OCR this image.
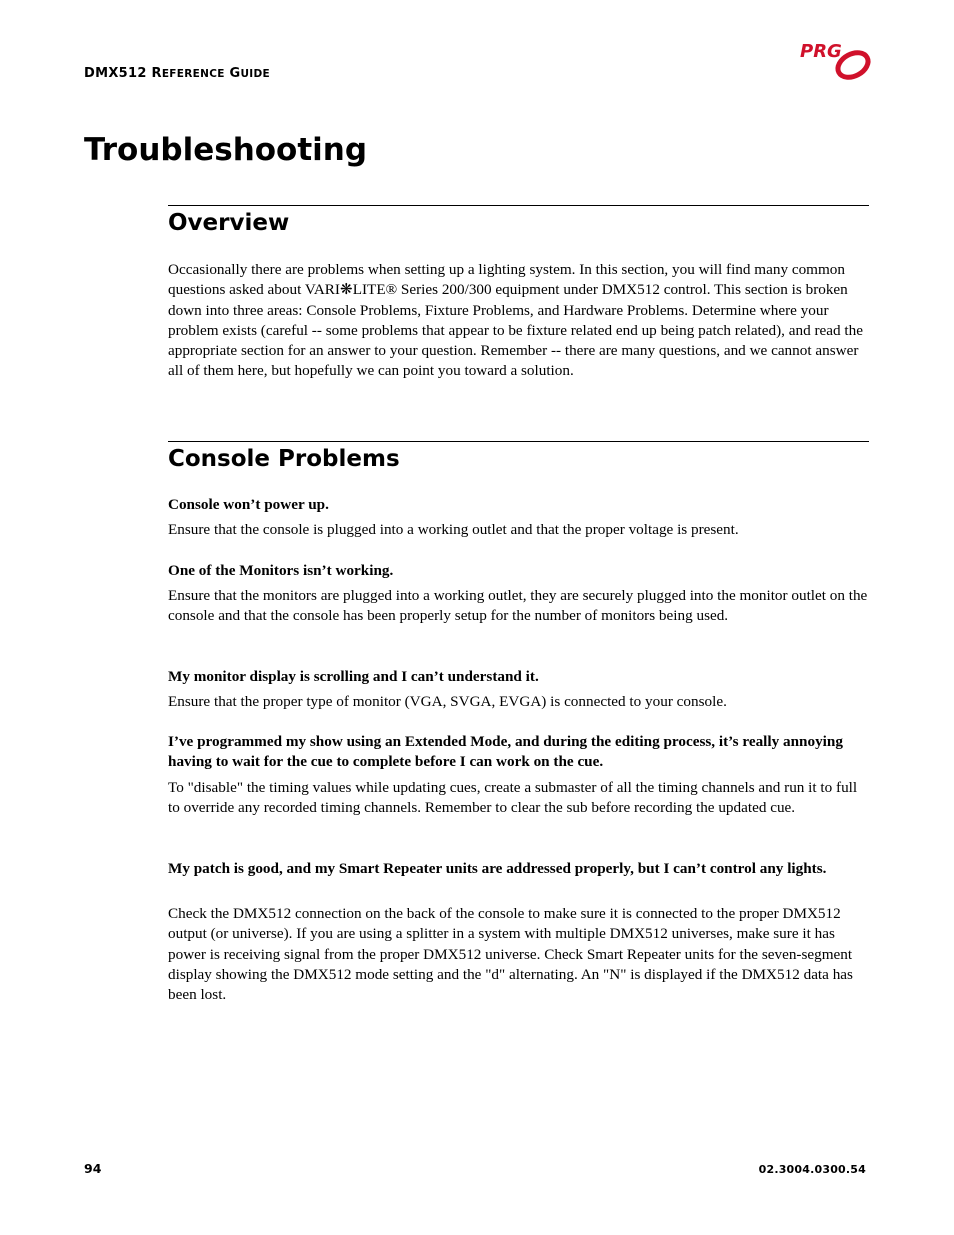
DMX512 REFERENCE GUIDE
PRG
Troubleshooting
Overview

Occasionally there are problems when setting up a lighting system. In this section, you will find many common questions asked about VARI❋LITE® Series 200/300 equipment under DMX512 control. This section is broken down into three areas: Console Problems, Fixture Problems, and Hardware Problems. Determine where your problem exists (careful -- some problems that appear to be fixture related end up being patch related), and read the appropriate section for an answer to your question. Remember -- there are many questions, and we cannot answer all of them here, but hopefully we can point you toward a solution.

Console Problems

Console won’t power up.

Ensure that the console is plugged into a working outlet and that the proper voltage is present.

One of the Monitors isn’t working.

Ensure that the monitors are plugged into a working outlet, they are securely plugged into the monitor outlet on the console and that the console has been properly setup for the number of monitors being used.

My monitor display is scrolling and I can’t understand it.

Ensure that the proper type of monitor (VGA, SVGA, EVGA) is connected to your console.

I’ve programmed my show using an Extended Mode, and during the editing process, it’s really annoying having to wait for the cue to complete before I can work on the cue.

To "disable" the timing values while updating cues, create a submaster of all the timing channels and run it to full to override any recorded timing channels. Remember to clear the sub before recording the updated cue.

My patch is good, and my Smart Repeater units are addressed properly, but I can’t control any lights.

Check the DMX512 connection on the back of the console to make sure it is connected to the proper DMX512 output (or universe). If you are using a splitter in a system with multiple DMX512 universes, make sure it has power is receiving signal from the proper DMX512 universe. Check Smart Repeater units for the seven-segment display showing the DMX512 mode setting and the "d" alternating. An "N" is displayed if the DMX512 data has been lost.

94	02.3004.0300.54
